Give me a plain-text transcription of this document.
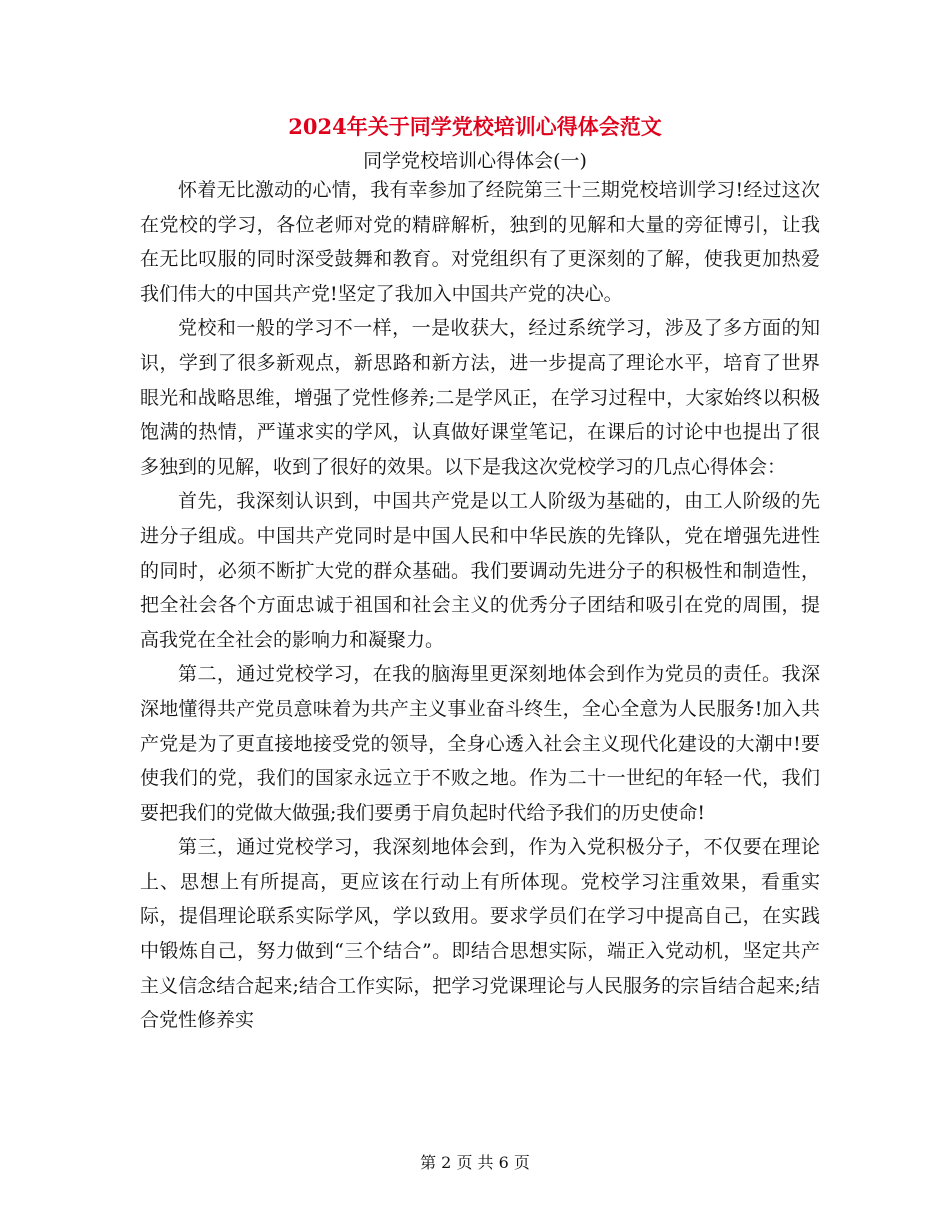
2024年关于同学党校培训心得体会范文
同学党校培训心得体会(一)

怀着无比激动的心情，我有幸参加了经院第三十三期党校培训学习!经过这次在党校的学习，各位老师对党的精辟解析，独到的见解和大量的旁征博引，让我在无比叹服的同时深受鼓舞和教育。对党组织有了更深刻的了解，使我更加热爱我们伟大的中国共产党!坚定了我加入中国共产党的决心。

党校和一般的学习不一样，一是收获大，经过系统学习，涉及了多方面的知识，学到了很多新观点，新思路和新方法，进一步提高了理论水平，培育了世界眼光和战略思维，增强了党性修养;二是学风正，在学习过程中，大家始终以积极饱满的热情，严谨求实的学风，认真做好课堂笔记，在课后的讨论中也提出了很多独到的见解，收到了很好的效果。以下是我这次党校学习的几点心得体会：

首先，我深刻认识到，中国共产党是以工人阶级为基础的，由工人阶级的先进分子组成。中国共产党同时是中国人民和中华民族的先锋队，党在增强先进性的同时，必须不断扩大党的群众基础。我们要调动先进分子的积极性和制造性，把全社会各个方面忠诚于祖国和社会主义的优秀分子团结和吸引在党的周围，提高我党在全社会的影响力和凝聚力。

第二，通过党校学习，在我的脑海里更深刻地体会到作为党员的责任。我深深地懂得共产党员意味着为共产主义事业奋斗终生，全心全意为人民服务!加入共产党是为了更直接地接受党的领导，全身心透入社会主义现代化建设的大潮中!要使我们的党，我们的国家永远立于不败之地。作为二十一世纪的年轻一代，我们要把我们的党做大做强;我们要勇于肩负起时代给予我们的历史使命!

第三，通过党校学习，我深刻地体会到，作为入党积极分子，不仅要在理论上、思想上有所提高，更应该在行动上有所体现。党校学习注重效果，看重实际，提倡理论联系实际学风，学以致用。要求学员们在学习中提高自己，在实践中锻炼自己，努力做到“三个结合”。即结合思想实际，端正入党动机，坚定共产主义信念结合起来;结合工作实际，把学习党课理论与人民服务的宗旨结合起来;结合党性修养实

第 2 页 共 6 页
